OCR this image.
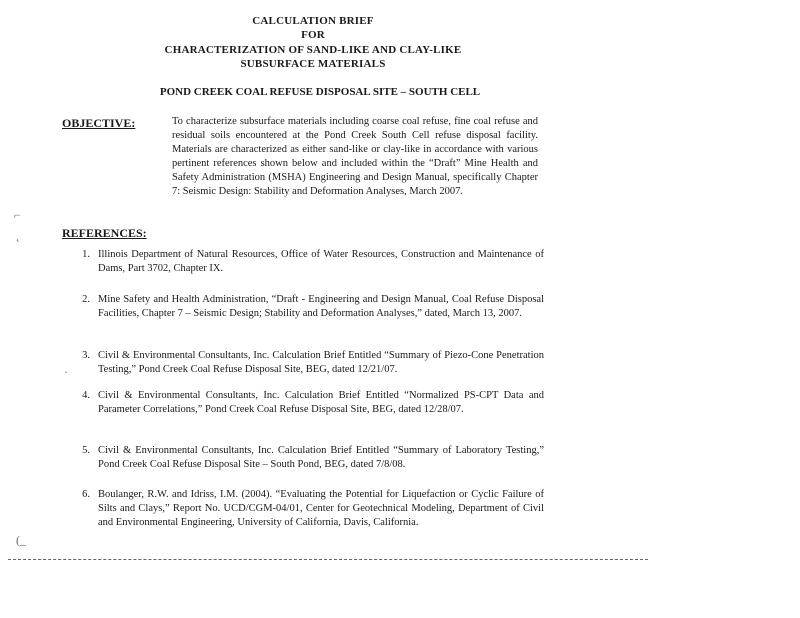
CALCULATION BRIEF
FOR
CHARACTERIZATION OF SAND-LIKE AND CLAY-LIKE
SUBSURFACE MATERIALS
POND CREEK COAL REFUSE DISPOSAL SITE – SOUTH CELL
OBJECTIVE:	To characterize subsurface materials including coarse coal refuse, fine coal refuse and residual soils encountered at the Pond Creek South Cell refuse disposal facility. Materials are characterized as either sand-like or clay-like in accordance with various pertinent references shown below and included within the “Draft” Mine Health and Safety Administration (MSHA) Engineering and Design Manual, specifically Chapter 7: Seismic Design: Stability and Deformation Analyses, March 2007.
REFERENCES:
1. Illinois Department of Natural Resources, Office of Water Resources, Construction and Maintenance of Dams, Part 3702, Chapter IX.
2. Mine Safety and Health Administration, “Draft - Engineering and Design Manual, Coal Refuse Disposal Facilities, Chapter 7 – Seismic Design; Stability and Deformation Analyses,” dated, March 13, 2007.
3. Civil & Environmental Consultants, Inc. Calculation Brief Entitled “Summary of Piezo-Cone Penetration Testing,” Pond Creek Coal Refuse Disposal Site, BEG, dated 12/21/07.
4. Civil & Environmental Consultants, Inc. Calculation Brief Entitled “Normalized PS-CPT Data and Parameter Correlations,” Pond Creek Coal Refuse Disposal Site, BEG, dated 12/28/07.
5. Civil & Environmental Consultants, Inc. Calculation Brief Entitled “Summary of Laboratory Testing,” Pond Creek Coal Refuse Disposal Site – South Pond, BEG, dated 7/8/08.
6. Boulanger, R.W. and Idriss, I.M. (2004). “Evaluating the Potential for Liquefaction or Cyclic Failure of Silts and Clays,” Report No. UCD/CGM-04/01, Center for Geotechnical Modeling, Department of Civil and Environmental Engineering, University of California, Davis, California.
⌐
˛
(_
·
